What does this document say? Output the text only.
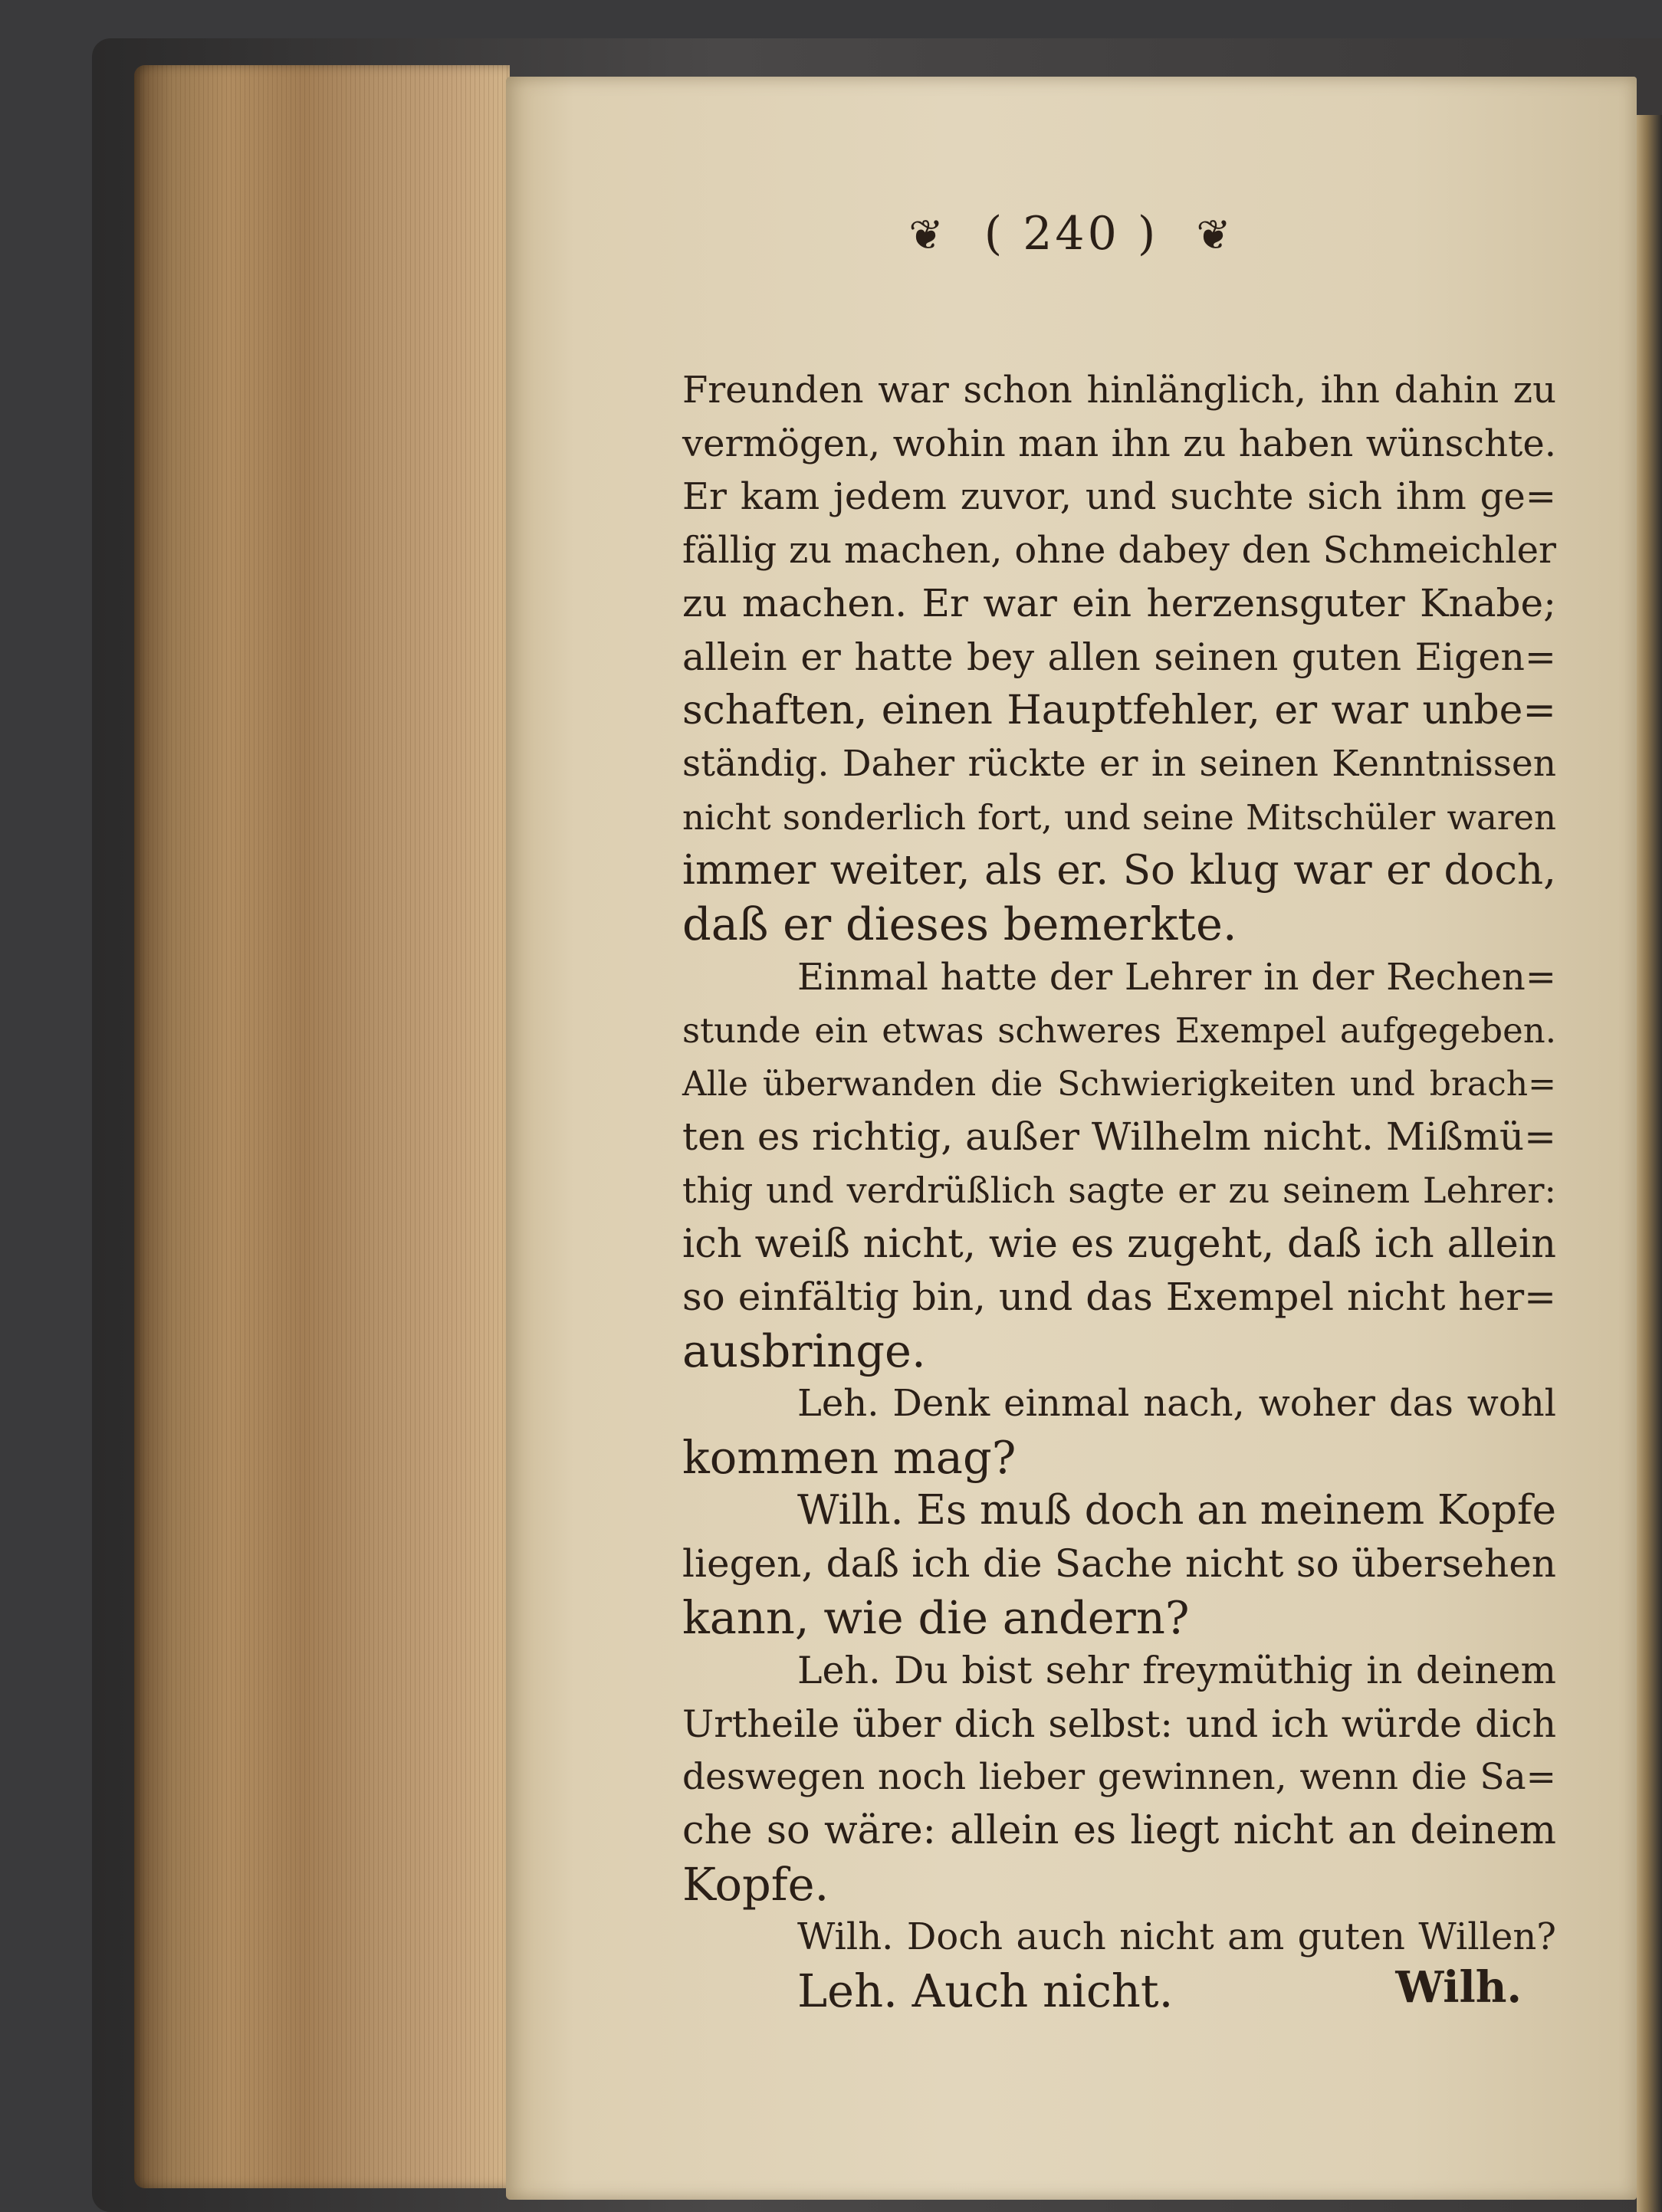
❦ ( 240 ) ❦
Freunden war schon hinlänglich, ihn dahin zu
vermögen, wohin man ihn zu haben wünschte.
Er kam jedem zuvor, und suchte sich ihm ge=
fällig zu machen, ohne dabey den Schmeichler
zu machen. Er war ein herzensguter Knabe;
allein er hatte bey allen seinen guten Eigen=
schaften, einen Hauptfehler, er war unbe=
ständig. Daher rückte er in seinen Kenntnissen
nicht sonderlich fort, und seine Mitschüler waren
immer weiter, als er. So klug war er doch,
daß er dieses bemerkte.
Einmal hatte der Lehrer in der Rechen=
stunde ein etwas schweres Exempel aufgegeben.
Alle überwanden die Schwierigkeiten und brach=
ten es richtig, außer Wilhelm nicht. Mißmü=
thig und verdrüßlich sagte er zu seinem Lehrer:
ich weiß nicht, wie es zugeht, daß ich allein
so einfältig bin, und das Exempel nicht her=
ausbringe.
Leh. Denk einmal nach, woher das wohl
kommen mag?
Wilh. Es muß doch an meinem Kopfe
liegen, daß ich die Sache nicht so übersehen
kann, wie die andern?
Leh. Du bist sehr freymüthig in deinem
Urtheile über dich selbst: und ich würde dich
deswegen noch lieber gewinnen, wenn die Sa=
che so wäre: allein es liegt nicht an deinem
Kopfe.
Wilh. Doch auch nicht am guten Willen?
Leh. Auch nicht.	Wilh.
